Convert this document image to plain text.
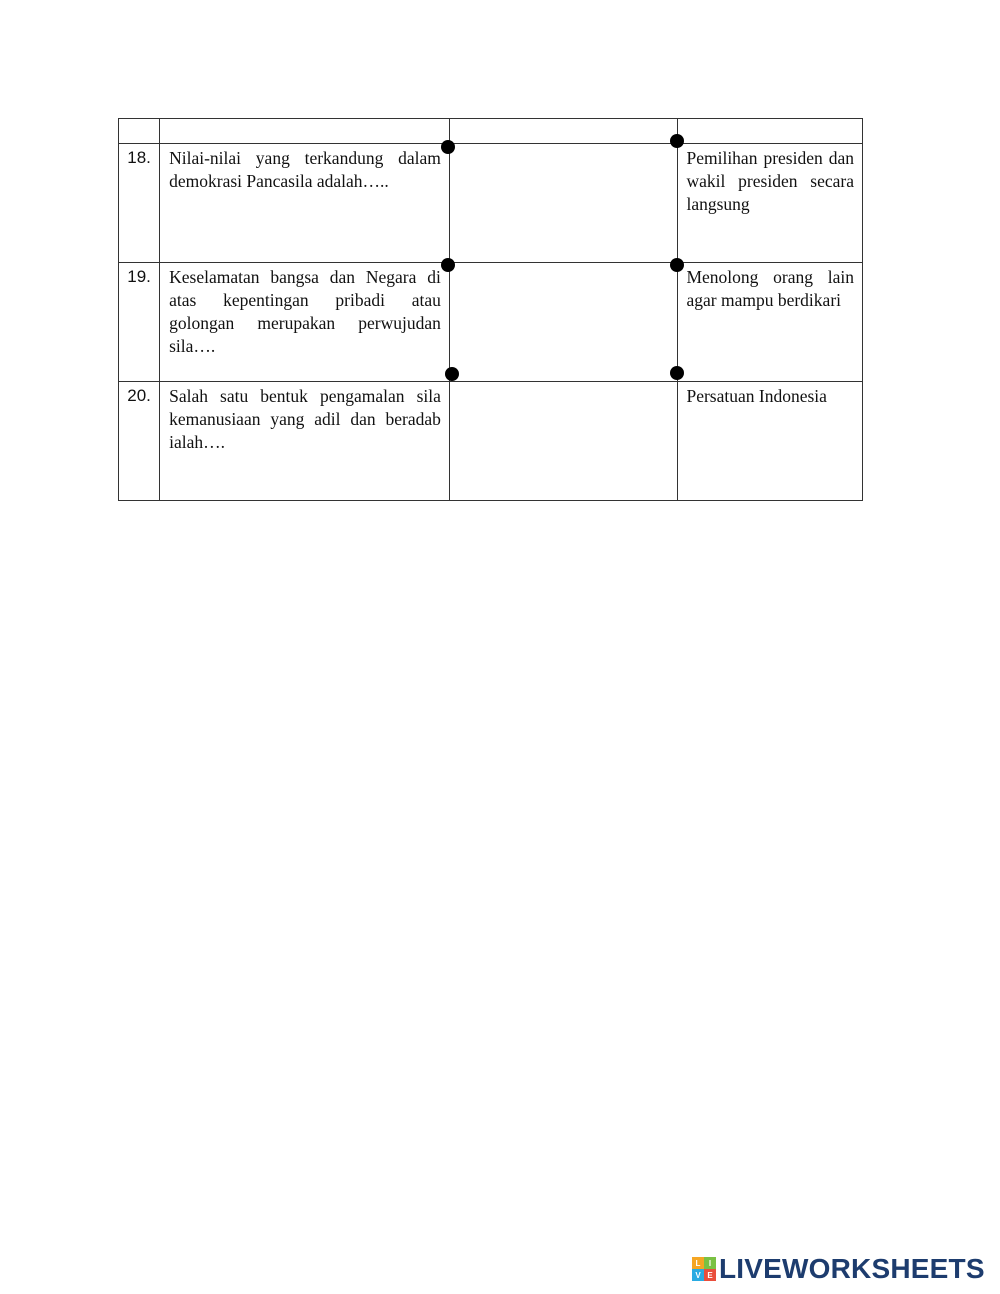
18.	Nilai-nilai yang terkandung dalam demokrasi Pancasila adalah…..		Pemilihan presiden dan wakil presiden secara langsung
19.	Keselamatan bangsa dan Negara di atas kepentingan pribadi atau golongan merupakan perwujudan sila….		Menolong orang lain agar mampu berdikari
20.	Salah satu bentuk pengamalan sila kemanusiaan yang adil dan beradab ialah….		Persatuan Indonesia
L	I
V E LIVEWORKSHEETS
